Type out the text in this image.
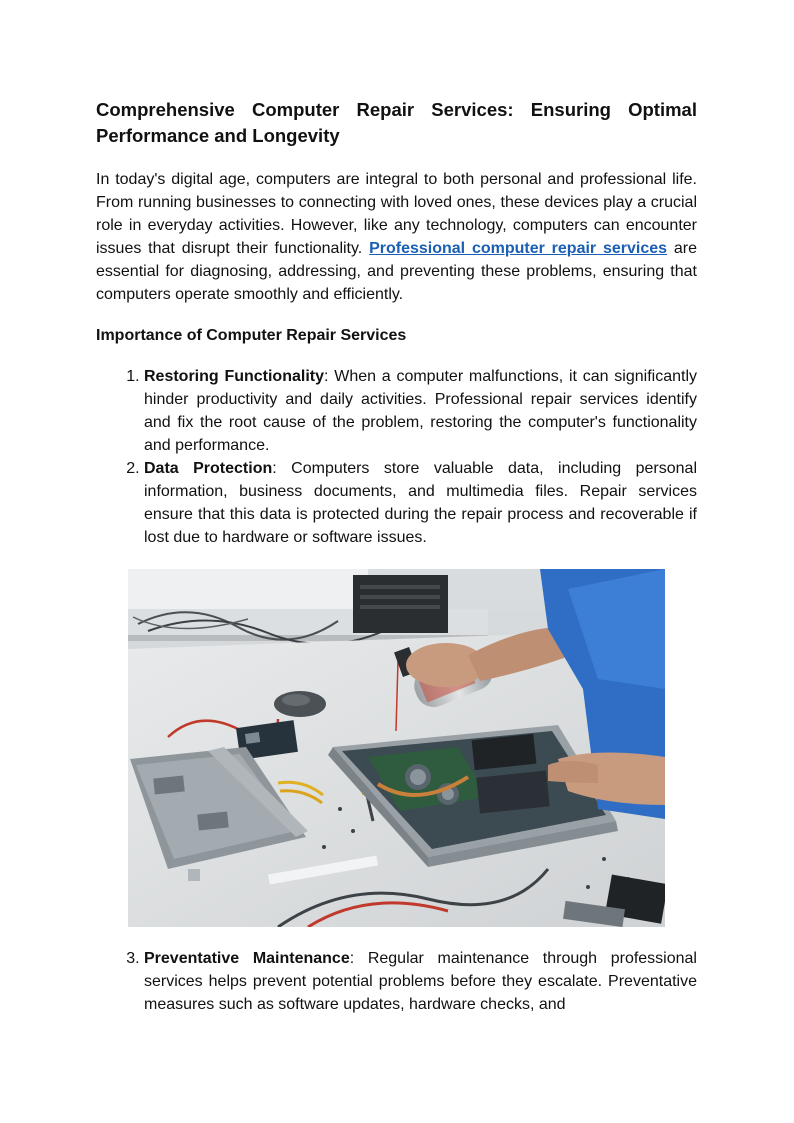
Comprehensive Computer Repair Services: Ensuring Optimal Performance and Longevity

In today's digital age, computers are integral to both personal and professional life. From running businesses to connecting with loved ones, these devices play a crucial role in everyday activities. However, like any technology, computers can encounter issues that disrupt their functionality. Professional computer repair services are essential for diagnosing, addressing, and preventing these problems, ensuring that computers operate smoothly and efficiently.

Importance of Computer Repair Services
1. Restoring Functionality: When a computer malfunctions, it can significantly hinder productivity and daily activities. Professional repair services identify and fix the root cause of the problem, restoring the computer's functionality and performance.
2. Data Protection: Computers store valuable data, including personal information, business documents, and multimedia files. Repair services ensure that this data is protected during the repair process and recoverable if lost due to hardware or software issues.
3. Preventative Maintenance: Regular maintenance through professional services helps prevent potential problems before they escalate. Preventative measures such as software updates, hardware checks, and
